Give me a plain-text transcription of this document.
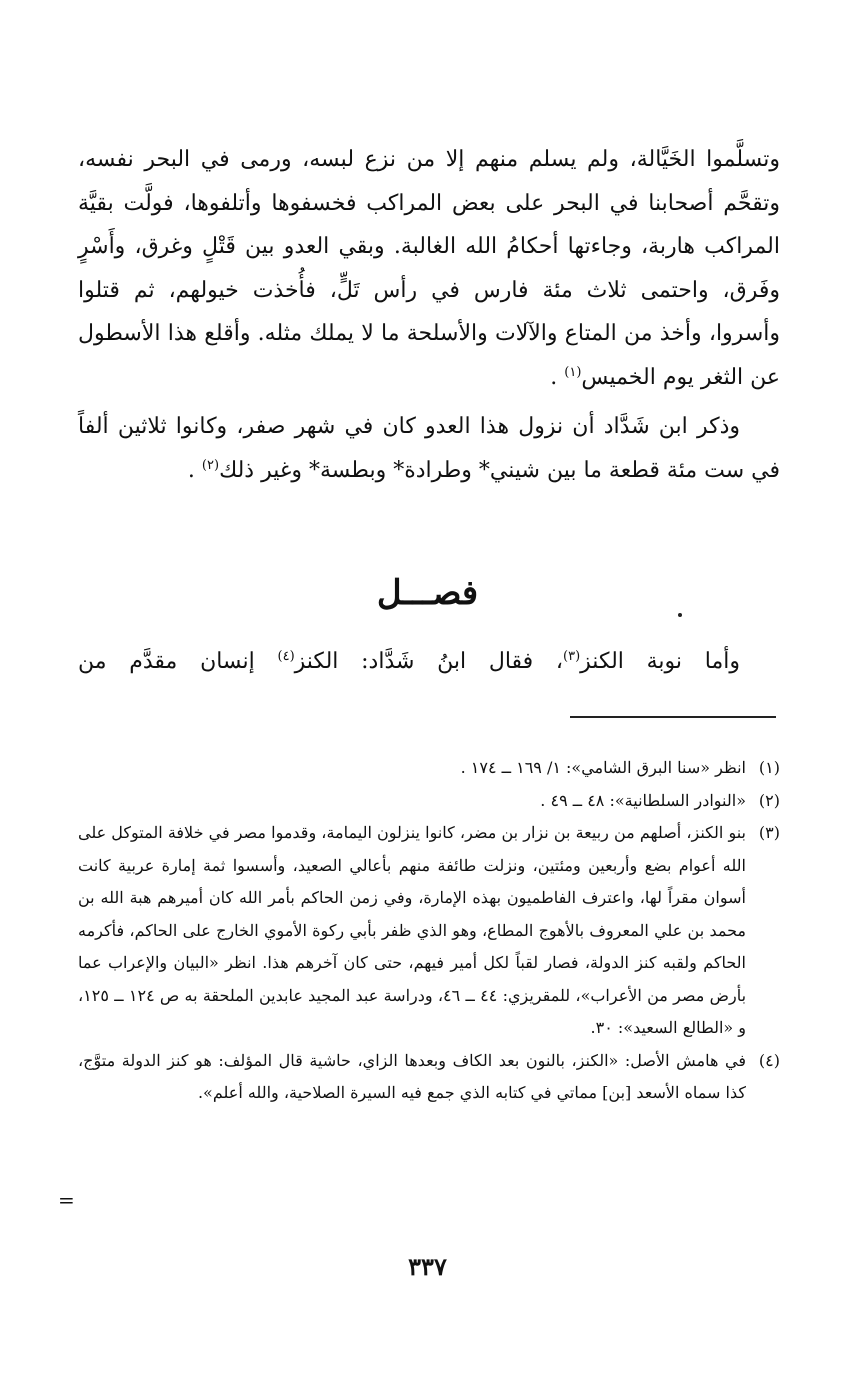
وتسلَّموا الخَيَّالة، ولم يسلم منهم إلا من نزع لبسه، ورمى في البحر نفسه، وتقحَّم أصحابنا في البحر على بعض المراكب فخسفوها وأتلفوها، فولَّت بقيَّة المراكب هاربة، وجاءتها أحكامُ الله الغالبة. وبقي العدو بين قَتْلٍ وغرق، وأَسْرٍ وفَرق، واحتمى ثلاث مئة فارس في رأس تَلٍّ، فأُخذت خيولهم، ثم قتلوا وأسروا، وأخذ من المتاع والآلات والأسلحة ما لا يملك مثله. وأقلع هذا الأسطول عن الثغر يوم الخميس$^{(١)}$ .

وذكر ابن شَدَّاد أن نزول هذا العدو كان في شهر صفر، وكانوا ثلاثين ألفاً في ست مئة قطعة ما بين شيني* وطرادة* وبطسة* وغير ذلك$^{(٢)}$ .

فصـــل
وأما نوبة الكنز$^{(٣)}$، فقال ابنُ شَدَّاد: الكنز$^{(٤)}$ إنسان مقدَّم من
(١)انظر «سنا البرق الشامي»: ١/ ١٦٩ ــ ١٧٤ .
(٢)«النوادر السلطانية»: ٤٨ ــ ٤٩ .
(٣)بنو الكنز، أصلهم من ربيعة بن نزار بن مضر، كانوا ينزلون اليمامة، وقدموا مصر في خلافة المتوكل على الله أعوام بضع وأربعين ومئتين، ونزلت طائفة منهم بأعالي الصعيد، وأسسوا ثمة إمارة عربية كانت أسوان مقراً لها، واعترف الفاطميون بهذه الإمارة، وفي زمن الحاكم بأمر الله كان أميرهم هبة الله بن محمد بن علي المعروف بالأهوج المطاع، وهو الذي ظفر بأبي ركوة الأموي الخارج على الحاكم، فأكرمه الحاكم ولقبه كنز الدولة، فصار لقباً لكل أمير فيهم، حتى كان آخرهم هذا. انظر «البيان والإعراب عما بأرض مصر من الأعراب»، للمقريزي: ٤٤ ــ ٤٦، ودراسة عبد المجيد عابدين الملحقة به ص ١٢٤ ــ ١٢٥، و «الطالع السعيد»: ٣٠.
(٤)في هامش الأصل: «الكنز، بالنون بعد الكاف وبعدها الزاي، حاشية قال المؤلف: هو كنز الدولة متوَّج، كذا سماه الأسعد [بن] مماتي في كتابه الذي جمع فيه السيرة الصلاحية، والله أعلم».
=
٣٣٧
